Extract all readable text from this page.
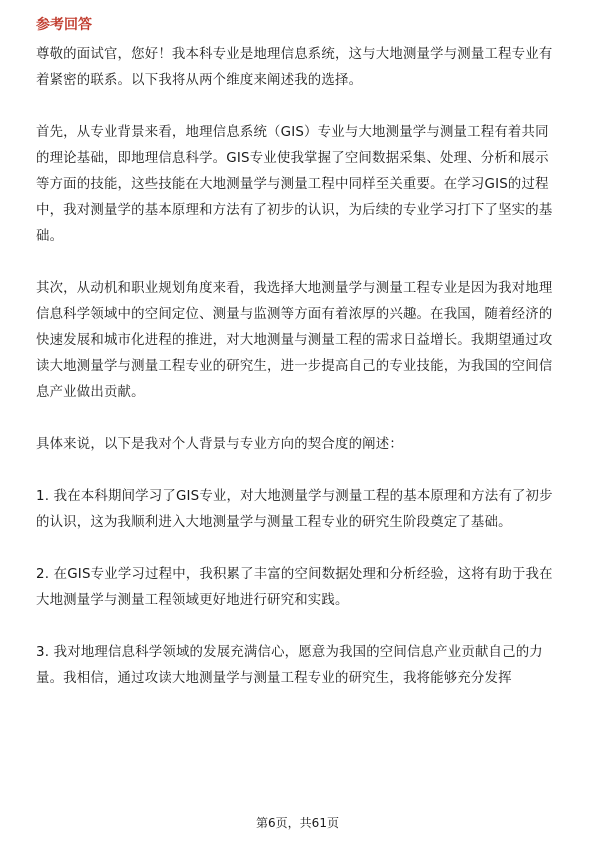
参考回答

尊敬的面试官，您好！我本科专业是地理信息系统，这与大地测量学与测量工程专业有着紧密的联系。以下我将从两个维度来阐述我的选择。

首先，从专业背景来看，地理信息系统（GIS）专业与大地测量学与测量工程有着共同的理论基础，即地理信息科学。GIS专业使我掌握了空间数据采集、处理、分析和展示等方面的技能，这些技能在大地测量学与测量工程中同样至关重要。在学习GIS的过程中，我对测量学的基本原理和方法有了初步的认识，为后续的专业学习打下了坚实的基础。

其次，从动机和职业规划角度来看，我选择大地测量学与测量工程专业是因为我对地理信息科学领域中的空间定位、测量与监测等方面有着浓厚的兴趣。在我国，随着经济的快速发展和城市化进程的推进，对大地测量与测量工程的需求日益增长。我期望通过攻读大地测量学与测量工程专业的研究生，进一步提高自己的专业技能，为我国的空间信息产业做出贡献。

具体来说，以下是我对个人背景与专业方向的契合度的阐述：

1. 我在本科期间学习了GIS专业，对大地测量学与测量工程的基本原理和方法有了初步的认识，这为我顺利进入大地测量学与测量工程专业的研究生阶段奠定了基础。

2. 在GIS专业学习过程中，我积累了丰富的空间数据处理和分析经验，这将有助于我在大地测量学与测量工程领域更好地进行研究和实践。

3. 我对地理信息科学领域的发展充满信心，愿意为我国的空间信息产业贡献自己的力量。我相信，通过攻读大地测量学与测量工程专业的研究生，我将能够充分发挥

第6页，共61页
